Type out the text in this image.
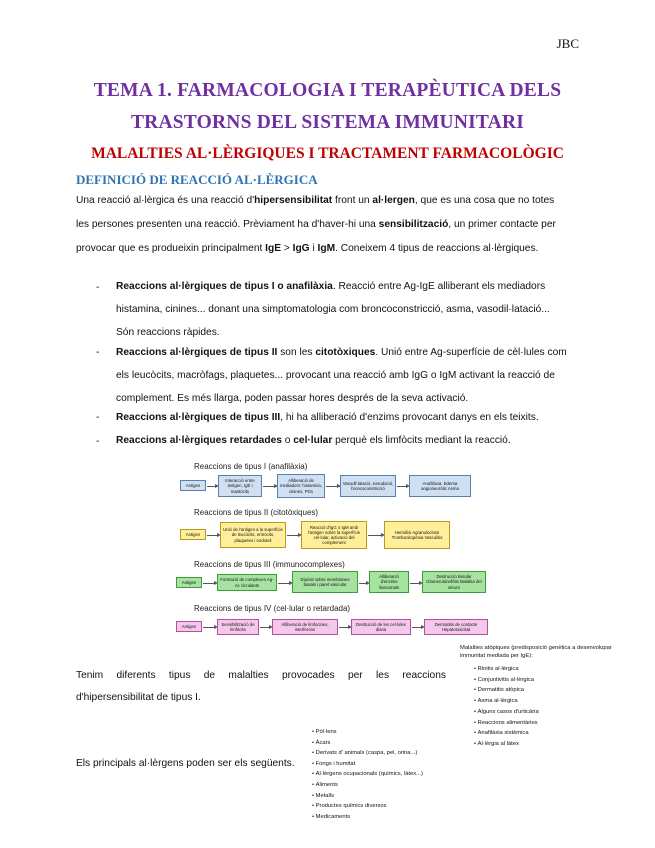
JBC
TEMA 1. FARMACOLOGIA I TERAPÈUTICA DELS
TRASTORNS DEL SISTEMA IMMUNITARI
MALALTIES AL·LÈRGIQUES I TRACTAMENT FARMACOLÒGIC
DEFINICIÓ DE REACCIÓ AL·LÈRGICA
Una reacció al·lèrgica és una reacció d'hipersensibilitat front un al·lergen, que es una cosa que no totes
les persones presenten una reacció. Prèviament ha d'haver-hi una sensibilització, un primer contacte per
provocar que es produeixin principalment IgE > IgG i IgM. Coneixem 4 tipus de reaccions al·lèrgiques.
- Reaccions al·lèrgiques de tipus I o anafilàxia. Reacció entre Ag-IgE alliberant els mediadors
histamina, cinines... donant una simptomatologia com broncoconstricció, asma, vasodil·latació...
Són reaccions ràpides.
- Reaccions al·lèrgiques de tipus II son les citotòxiques. Unió entre Ag-superfície de cèl·lules com
els leucòcits, macròfags, plaquetes... provocant una reacció amb IgG o IgM activant la reacció de
complement. Es més llarga, poden passar hores després de la seva activació.
- Reaccions al·lèrgiques de tipus III, hi ha alliberació d'enzims provocant danys en els teixits.
- Reaccions al·lèrgiques retardades o cel·lular perquè els limfòcits mediant la reacció.
Reaccions de tipus I (anafilàxia)
Antigen
Interacció entre antigen, IgE i mastòcits
Alliberació de mediadors: histamina, cinines, PGs
Vasodil·latació, exsudació, broncoconstricció
Anafilàxia. Edema angioneuròtic Asma
Reaccions de tipus II (citotòxiques)
Antigen
Unió de l'antigen a la superfície de leucòcits, eritròcits, plaquetes i endoteli
Reacció d'IgG o IgM amb l'antigen sobre la superfície cel·lular, activació del complement
Hemòlisi Agranulocitosi Trombocitopènia Vasculitis
Reaccions de tipus III (immunocomplexes)
Antigen
Formació de complexes Ag-Ac circulants
Dipòsit sobre membranes basals i paret vascular
Alliberació d'enzims lisosomals
Destrucció tissular Glomerulonefritis Malaltia del sèrum
Reaccions de tipus IV (cel·lular o retardada)
Antigen	Sensibilització de limfòcits
Alliberació de limfocines, interferons
Destrucció de les cel·lules diana
Dermatitis de contacte Hepatotoxicitat
Tenim diferents tipus de malalties provocades per les reaccions
d'hipersensibilitat de tipus I.
Malalties atòpiques (predisposició genètica a desenvolupar
immunitat mediada per IgE):
• Rinitis al·lèrgica
• Conjuntivitis al·lèrgica
• Dermatitis atòpica
• Asma al·lèrgica
• Alguns casos d'urticària
• Reaccions alimentàries
• Anafilàxia sistèmica
• Al·lèrgia al làtex
Els principals al·lèrgens poden ser els següents.
• Pòl·lens
• Àcars
• Derivats d' animals (caspa, pel, orina...)
• Fongs i humitat
• Al·lèrgens ocupacionals (químics, làtex...)
• Aliments
• Metalls
• Productes químics diversos
• Medicaments
